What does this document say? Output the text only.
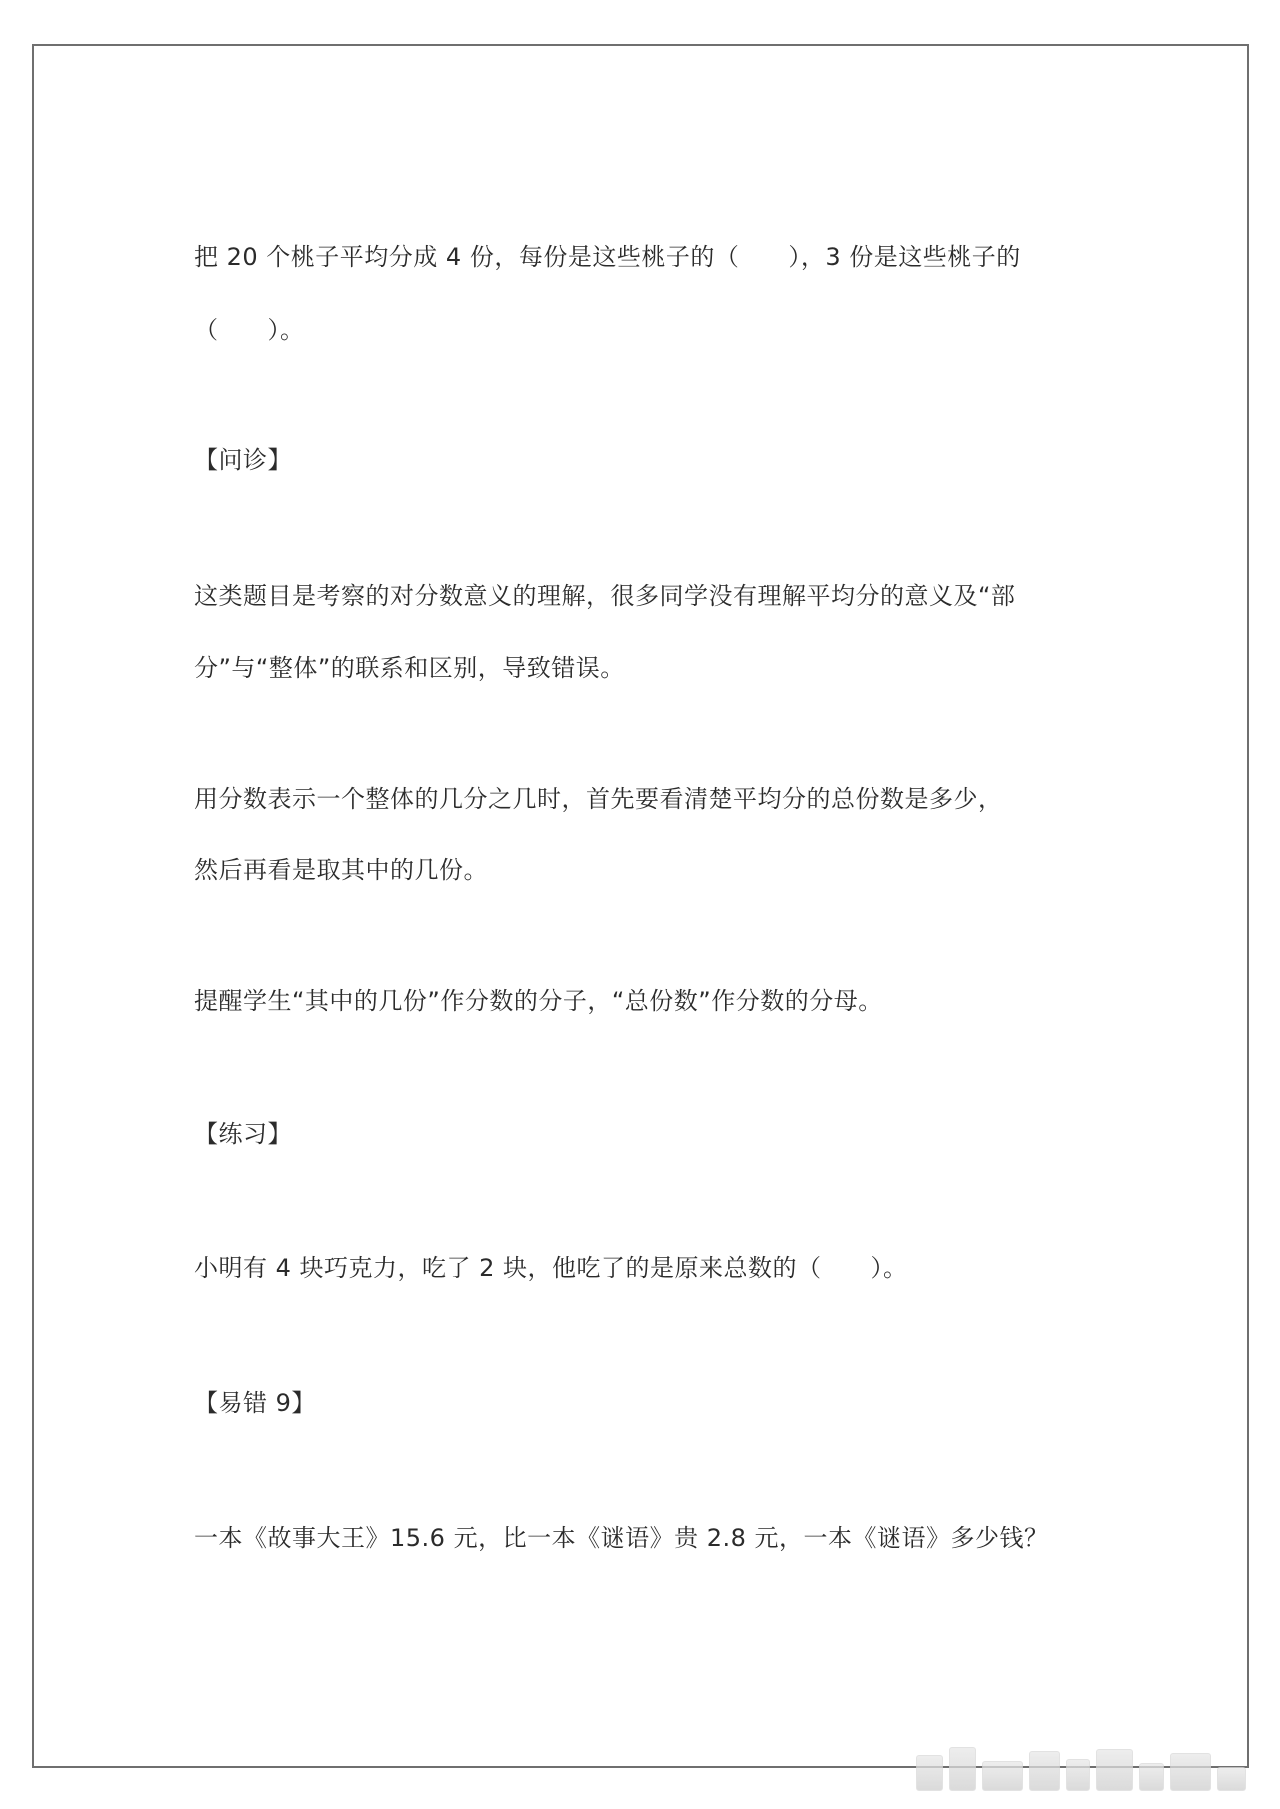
把 20 个桃子平均分成 4 份，每份是这些桃子的（　　），3 份是这些桃子的
（　　）。
【问诊】
这类题目是考察的对分数意义的理解，很多同学没有理解平均分的意义及“部
分”与“整体”的联系和区别，导致错误。
用分数表示一个整体的几分之几时，首先要看清楚平均分的总份数是多少，
然后再看是取其中的几份。
提醒学生“其中的几份”作分数的分子，“总份数”作分数的分母。
【练习】
小明有 4 块巧克力，吃了 2 块，他吃了的是原来总数的（　　）。
【易错 9】
一本《故事大王》15.6 元，比一本《谜语》贵 2.8 元，一本《谜语》多少钱？
